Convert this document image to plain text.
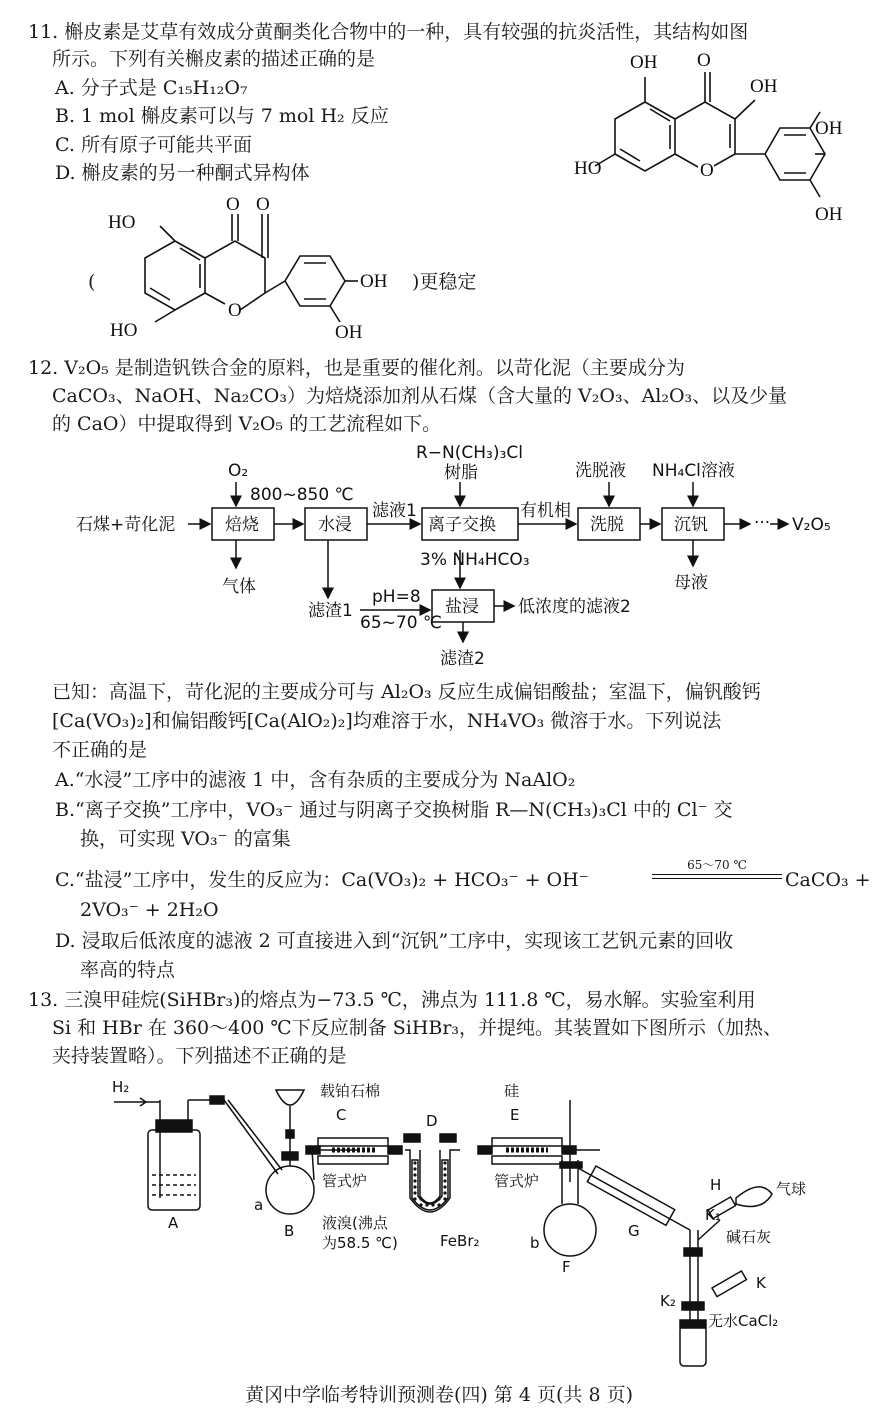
11. 槲皮素是艾草有效成分黄酮类化合物中的一种，具有较强的抗炎活性，其结构如图
所示。下列有关槲皮素的描述正确的是
A. 分子式是 C₁₅H₁₂O₇
B. 1 mol 槲皮素可以与 7 mol H₂ 反应
C. 所有原子可能共平面
D. 槲皮素的另一种酮式异构体	O
O
OH
HO
OH
OH
OH
(
O O
O
HO
HO
OH
OH
)更稳定
12. V₂O₅ 是制造钒铁合金的原料，也是重要的催化剂。以苛化泥（主要成分为
CaCO₃、NaOH、Na₂CO₃）为焙烧添加剂从石煤（含大量的 V₂O₃、Al₂O₃、以及少量
的 CaO）中提取得到 V₂O₅ 的工艺流程如下。
石煤+苛化泥
O₂
800~850 ℃
焙烧
气体
水浸
滤液1
滤渣1
R−N(CH₃)₃Cl
树脂
离子交换
有机相
3% NH₄HCO₃
pH=8
65~70 ℃
盐浸 低浓度的滤液2
滤渣2
洗脱液
洗脱
NH₄Cl溶液
沉钒
母液
··· V₂O₅
已知：高温下，苛化泥的主要成分可与 Al₂O₃ 反应生成偏铝酸盐；室温下，偏钒酸钙
[Ca(VO₃)₂]和偏铝酸钙[Ca(AlO₂)₂]均难溶于水，NH₄VO₃ 微溶于水。下列说法
不正确的是
A.“水浸”工序中的滤液 1 中，含有杂质的主要成分为 NaAlO₂
B.“离子交换”工序中，VO₃⁻ 通过与阴离子交换树脂 R—N(CH₃)₃Cl 中的 Cl⁻ 交
换，可实现 VO₃⁻ 的富集
C.“盐浸”工序中，发生的反应为：Ca(VO₃)₂ + HCO₃⁻ + OH⁻
65～70 ℃
CaCO₃ +
2VO₃⁻ + 2H₂O
D. 浸取后低浓度的滤液 2 可直接进入到“沉钒”工序中，实现该工艺钒元素的回收
率高的特点
13. 三溴甲硅烷(SiHBr₃)的熔点为−73.5 ℃，沸点为 111.8 ℃，易水解。实验室利用
Si 和 HBr 在 360～400 ℃下反应制备 SiHBr₃，并提纯。其装置如下图所示（加热、
夹持装置略）。下列描述不正确的是
H₂
A
a
B
载铂石棉
C
管式炉
液溴(沸点
为58.5 ℃)
D
FeBr₂
硅
E
管式炉
b
F
G
H
K₁
气球
碱石灰
K₂
K
无水CaCl₂
黄冈中学临考特训预测卷(四) 第 4 页(共 8 页)
